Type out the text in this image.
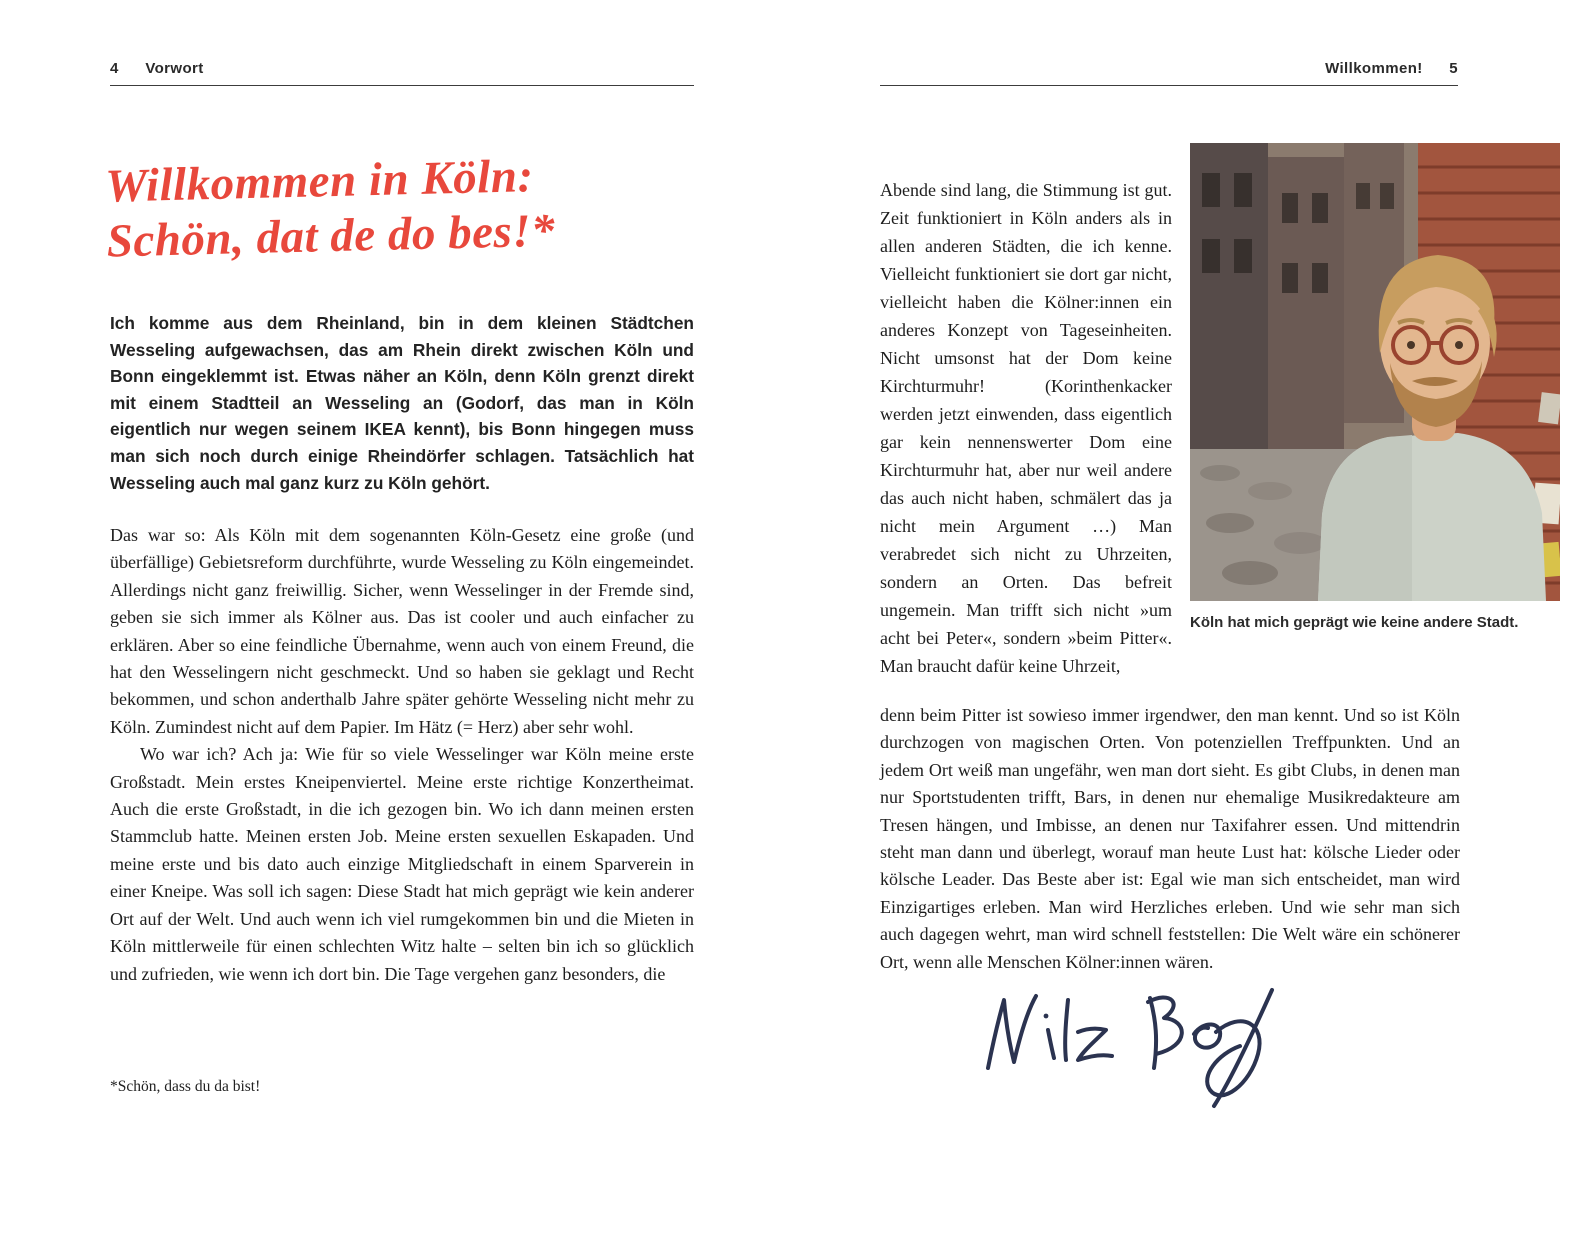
4 Vorwort	Willkommen! 5
Willkommen in Köln:
Schön, dat de do bes!*
Ich komme aus dem Rheinland, bin in dem kleinen Städtchen Wesseling aufgewachsen, das am Rhein direkt zwischen Köln und Bonn eingeklemmt ist. Etwas näher an Köln, denn Köln grenzt direkt mit einem Stadtteil an Wesseling an (Godorf, das man in Köln eigentlich nur wegen seinem IKEA kennt), bis Bonn hingegen muss man sich noch durch einige Rheindörfer schlagen. Tatsächlich hat Wesseling auch mal ganz kurz zu Köln gehört.

Das war so: Als Köln mit dem sogenannten Köln-Gesetz eine große (und überfällige) Gebietsreform durchführte, wurde Wesseling zu Köln eingemeindet. Allerdings nicht ganz freiwillig. Sicher, wenn Wesselinger in der Fremde sind, geben sie sich immer als Kölner aus. Das ist cooler und auch einfacher zu erklären. Aber so eine feindliche Übernahme, wenn auch von einem Freund, die hat den Wesselingern nicht geschmeckt. Und so haben sie geklagt und Recht bekommen, und schon anderthalb Jahre später gehörte Wesseling nicht mehr zu Köln. Zumindest nicht auf dem Papier. Im Hätz (= Herz) aber sehr wohl.

Wo war ich? Ach ja: Wie für so viele Wesselinger war Köln meine erste Großstadt. Mein erstes Kneipenviertel. Meine erste richtige Konzertheimat. Auch die erste Großstadt, in die ich gezogen bin. Wo ich dann meinen ersten Stammclub hatte. Meinen ersten Job. Meine ersten sexuellen Eskapaden. Und meine erste und bis dato auch einzige Mitgliedschaft in einem Sparverein in einer Kneipe. Was soll ich sagen: Diese Stadt hat mich geprägt wie kein anderer Ort auf der Welt. Und auch wenn ich viel rumgekommen bin und die Mieten in Köln mittlerweile für einen schlechten Witz halte – selten bin ich so glücklich und zufrieden, wie wenn ich dort bin. Die Tage vergehen ganz besonders, die

*Schön, dass du da bist!
Abende sind lang, die Stimmung ist gut. Zeit funktioniert in Köln anders als in allen anderen Städten, die ich kenne. Vielleicht funktioniert sie dort gar nicht, vielleicht haben die Kölner:innen ein anderes Konzept von Tageseinheiten. Nicht umsonst hat der Dom keine Kirchturmuhr! (Korinthenkacker werden jetzt einwenden, dass eigentlich gar kein nennenswerter Dom eine Kirchturmuhr hat, aber nur weil andere das auch nicht haben, schmälert das ja nicht mein Argument …) Man verabredet sich nicht zu Uhrzeiten, sondern an Orten. Das befreit ungemein. Man trifft sich nicht »um acht bei Peter«, sondern »beim Pitter«. Man braucht dafür keine Uhrzeit,
Köln hat mich geprägt wie keine andere Stadt.
denn beim Pitter ist sowieso immer irgendwer, den man kennt. Und so ist Köln durchzogen von magischen Orten. Von potenziellen Treffpunkten. Und an jedem Ort weiß man ungefähr, wen man dort sieht. Es gibt Clubs, in denen man nur Sportstudenten trifft, Bars, in denen nur ehemalige Musikredakteure am Tresen hängen, und Imbisse, an denen nur Taxifahrer essen. Und mittendrin steht man dann und überlegt, worauf man heute Lust hat: kölsche Lieder oder kölsche Leader. Das Beste aber ist: Egal wie man sich entscheidet, man wird Einzigartiges erleben. Man wird Herzliches erleben. Und wie sehr man sich auch dagegen wehrt, man wird schnell feststellen: Die Welt wäre ein schönerer Ort, wenn alle Menschen Kölner:innen wären.
